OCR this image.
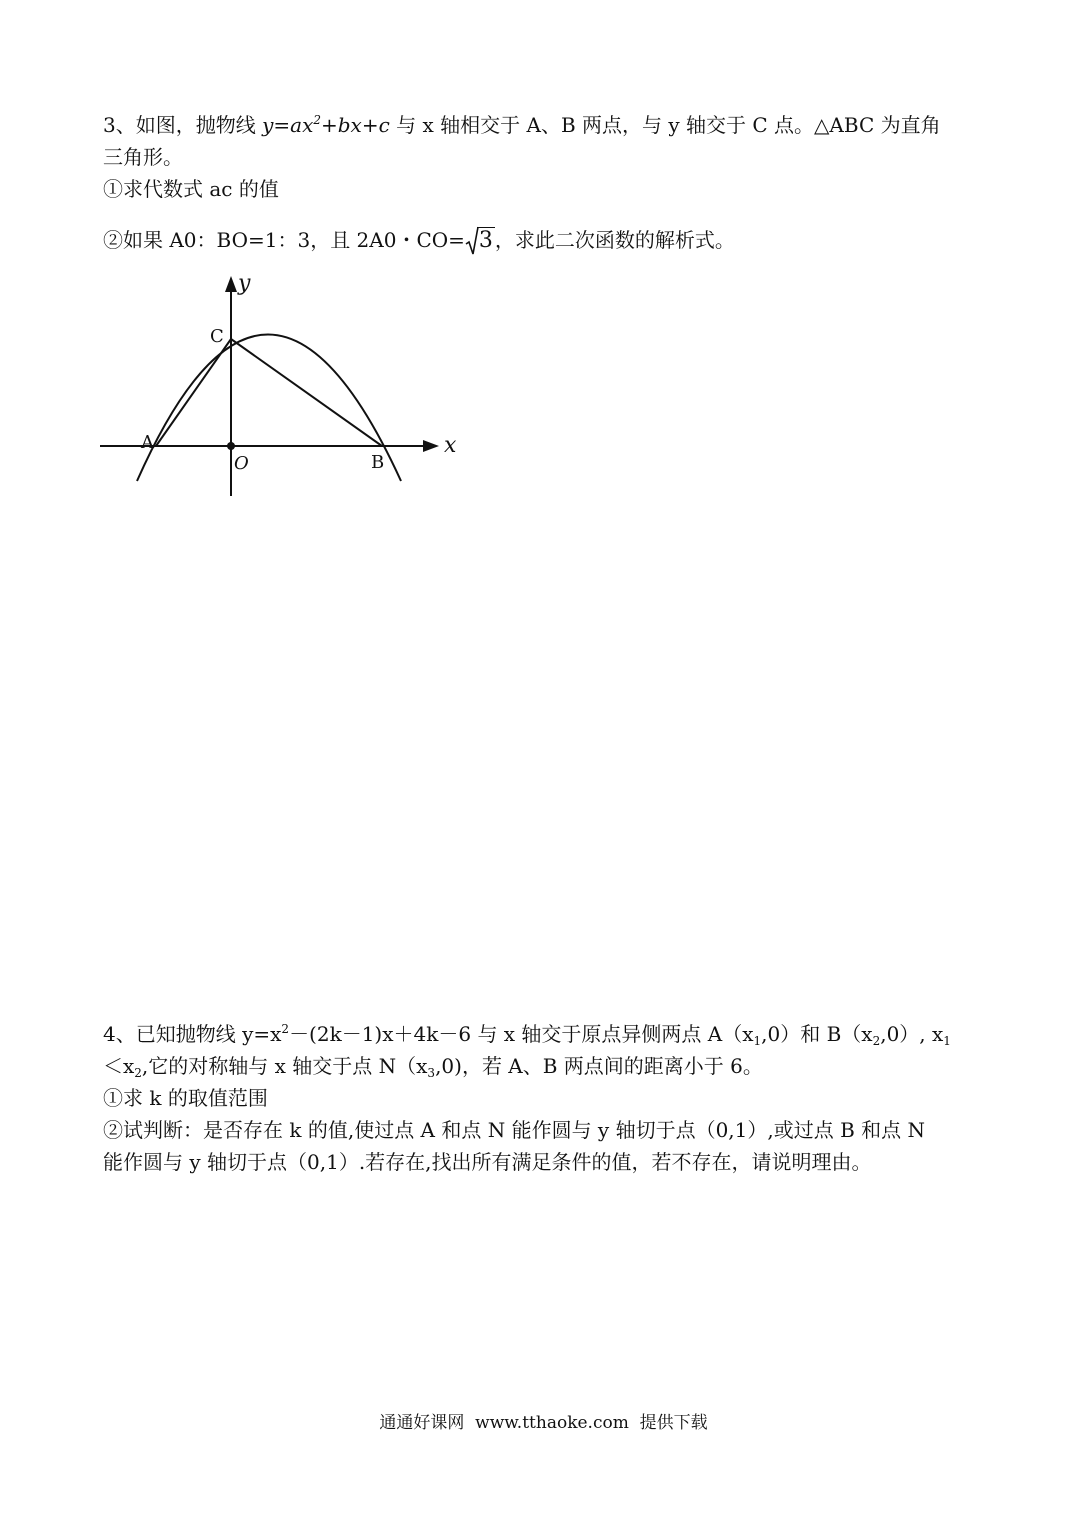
3、如图，抛物线 $y=ax^2+bx+c$ 与 x 轴相交于 A、B 两点，与 y 轴交于 C 点。△ABC 为直角
三角形。
①求代数式 ac 的值
②如果 A0：BO=1：3，且 2A0・CO= 3 ，求此二次函数的解析式。
y
x
C
A
B
O
4、已知抛物线 $y=x^2-(2k-1)x+4k-6$ 与 x 轴交于原点异侧两点 $A(x_1,0)$和 $B(x_2,0)$, $x_1$
$<x_2$,它的对称轴与 x 轴交于点 $N(x_3,0)$，若 A、B 两点间的距离小于 6。
①求 k 的取值范围
②试判断：是否存在 k 的值,使过点 A 和点 N 能作圆与 y 轴切于点（0,1）,或过点 B 和点 N
能作圆与 y 轴切于点（0,1）.若存在,找出所有满足条件的值，若不存在，请说明理由。
通通好课网  www.tthaoke.com  提供下载
